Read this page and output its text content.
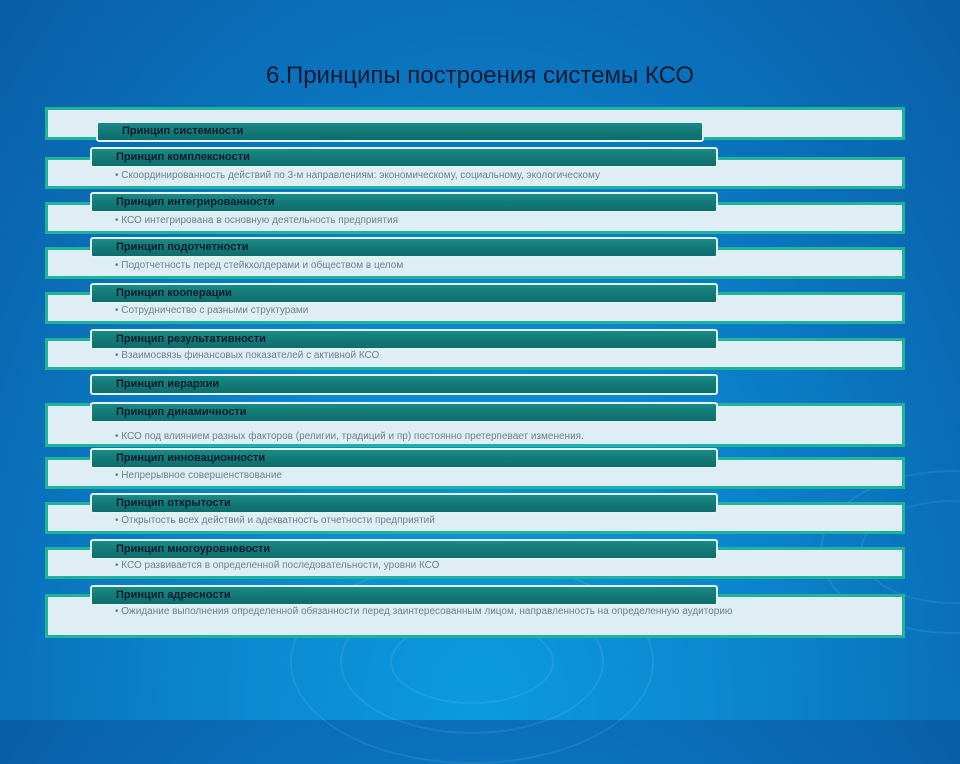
6.Принципы построения системы КСО
Принцип системности
Принцип комплексности
• Скоординированность действий по 3-м направлениям: экономическому, социальному, экологическому
Принцип интегрированности
• КСО интегрирована в основную деятельность предприятия
Принцип подотчетности
• Подотчетность перед стейкхолдерами и обществом в целом
Принцип кооперации
• Сотрудничество с разными структурами
Принцип результативности
• Взаимосвязь финансовых показателей с активной КСО
Принцип иерархии
Принцип динамичности
• КСО под влиянием разных факторов (религии, традиций и пр) постоянно претерпевает изменения.
Принцип инновационности
• Непрерывное совершенствование
Принцип открытости
• Открытость всех действий и адекватность отчетности предприятий
Принцип многоуровневости
• КСО развивается в определенной последовательности, уровни КСО
Принцип адресности
• Ожидание выполнения определенной обязанности перед заинтересованным лицом, направленность на определенную аудиторию
